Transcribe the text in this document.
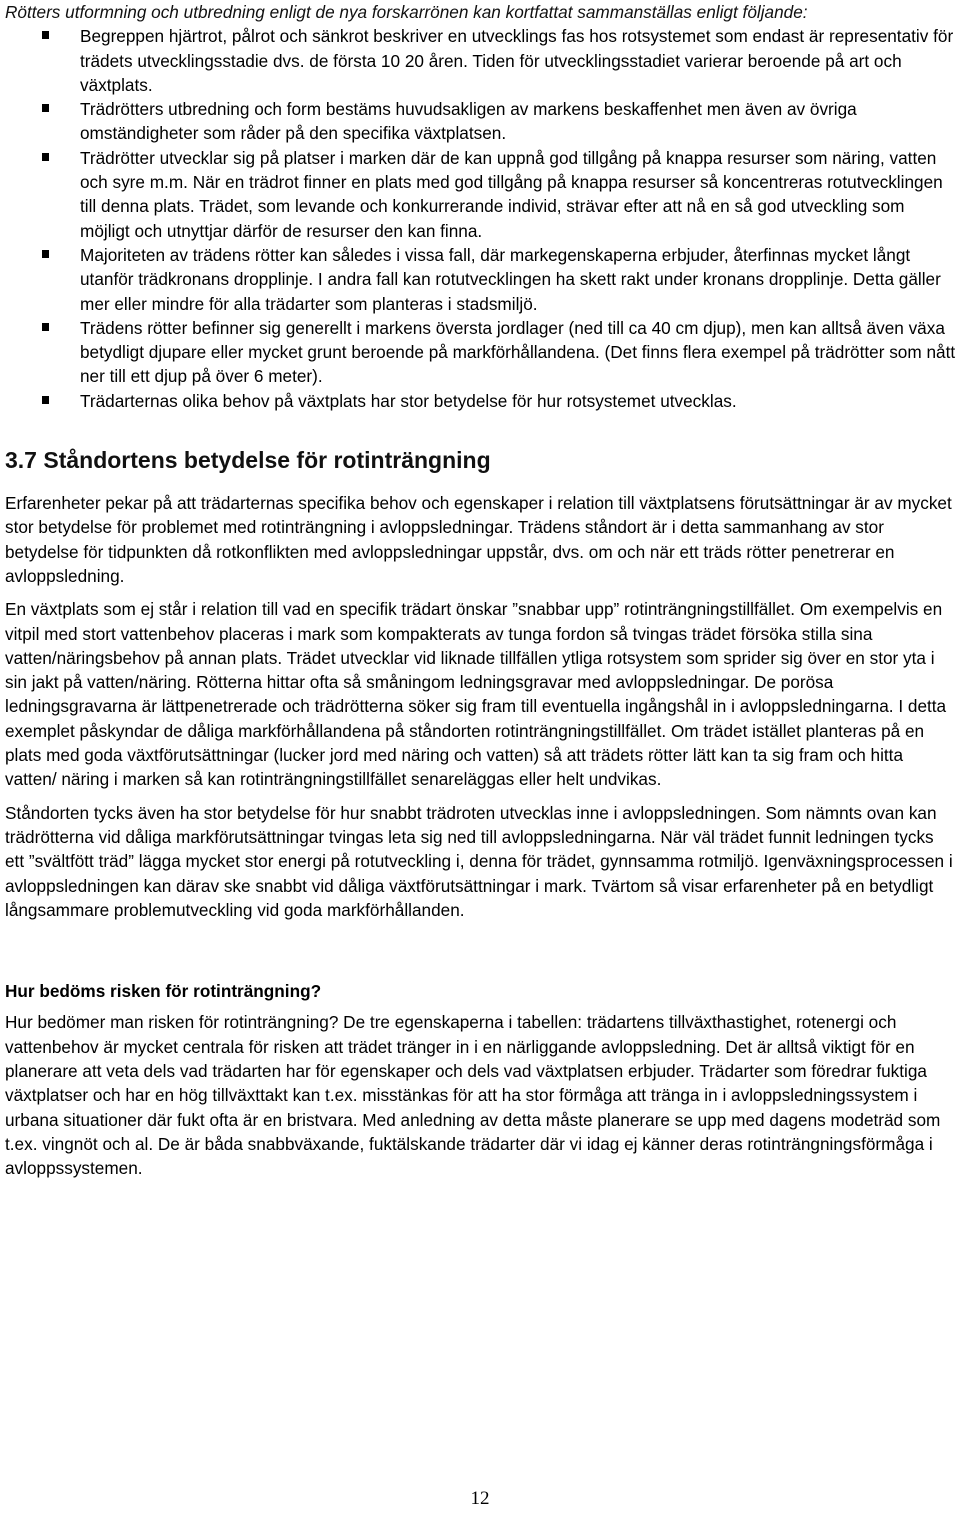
Rötters utformning och utbredning enligt de nya forskarrönen kan kortfattat sammanställas enligt följande:

Begreppen hjärtrot, pålrot och sänkrot beskriver en utvecklings fas hos rotsystemet som endast är representativ för trädets utvecklingsstadie dvs. de första 10 20 åren. Tiden för utvecklingsstadiet varierar beroende på art och växtplats.
Trädrötters utbredning och form bestäms huvudsakligen av markens beskaffenhet men även av övriga omständigheter som råder på den specifika växtplatsen.
Trädrötter utvecklar sig på platser i marken där de kan uppnå god tillgång på knappa resurser som näring, vatten och syre m.m. När en trädrot finner en plats med god tillgång på knappa resurser så koncentreras rotutvecklingen till denna plats. Trädet, som levande och konkurrerande individ, strävar efter att nå en så god utveckling som möjligt och utnyttjar därför de resurser den kan finna.
Majoriteten av trädens rötter kan således i vissa fall, där markegenskaperna erbjuder, återfinnas mycket långt utanför trädkronans dropplinje. I andra fall kan rotutvecklingen ha skett rakt under kronans dropplinje. Detta gäller mer eller mindre för alla trädarter som planteras i stadsmiljö.
Trädens rötter befinner sig generellt i markens översta jordlager (ned till ca 40 cm djup), men kan alltså även växa betydligt djupare eller mycket grunt beroende på markförhållandena. (Det finns flera exempel på trädrötter som nått ner till ett djup på över 6 meter).
Trädarternas olika behov på växtplats har stor betydelse för hur rotsystemet utvecklas.

3.7 Ståndortens betydelse för rotinträngning

Erfarenheter pekar på att trädarternas specifika behov och egenskaper i relation till växtplatsens förutsättningar är av mycket stor betydelse för problemet med rotinträngning i avloppsledningar. Trädens ståndort är i detta sammanhang av stor betydelse för tidpunkten då rotkonflikten med avloppsledningar uppstår, dvs. om och när ett träds rötter penetrerar en avloppsledning.

En växtplats som ej står i relation till vad en specifik trädart önskar ”snabbar upp” rotinträngningstillfället. Om exempelvis en vitpil med stort vattenbehov placeras i mark som kompakterats av tunga fordon så tvingas trädet försöka stilla sina vatten/näringsbehov på annan plats. Trädet utvecklar vid liknade tillfällen ytliga rotsystem som sprider sig över en stor yta i sin jakt på vatten/näring. Rötterna hittar ofta så småningom ledningsgravar med avloppsledningar. De porösa ledningsgravarna är lättpenetrerade och trädrötterna söker sig fram till eventuella ingångshål in i avloppsledningarna. I detta exemplet påskyndar de dåliga markförhållandena på ståndorten rotinträngningstillfället. Om trädet istället planteras på en plats med goda växtförutsättningar (lucker jord med näring och vatten) så att trädets rötter lätt kan ta sig fram och hitta vatten/ näring i marken så kan rotinträngningstillfället senareläggas eller helt undvikas.

Ståndorten tycks även ha stor betydelse för hur snabbt trädroten utvecklas inne i avloppsledningen. Som nämnts ovan kan trädrötterna vid dåliga markförutsättningar tvingas leta sig ned till avloppsledningarna. När väl trädet funnit ledningen tycks ett ”svältfött träd” lägga mycket stor energi på rotutveckling i, denna för trädet, gynnsamma rotmiljö. Igenväxningsprocessen i avloppsledningen kan därav ske snabbt vid dåliga växtförutsättningar i mark. Tvärtom så visar erfarenheter på en betydligt långsammare problemutveckling vid goda markförhållanden.

Hur bedöms risken för rotinträngning?

Hur bedömer man risken för rotinträngning? De tre egenskaperna i tabellen: trädartens tillväxthastighet, rotenergi och vattenbehov är mycket centrala för risken att trädet tränger in i en närliggande avloppsledning. Det är alltså viktigt för en planerare att veta dels vad trädarten har för egenskaper och dels vad växtplatsen erbjuder. Trädarter som föredrar fuktiga växtplatser och har en hög tillväxttakt kan t.ex. misstänkas för att ha stor förmåga att tränga in i avloppsledningssystem i urbana situationer där fukt ofta är en bristvara. Med anledning av detta måste planerare se upp med dagens modeträd som t.ex. vingnöt och al. De är båda snabbväxande, fuktälskande trädarter där vi idag ej känner deras rotinträngningsförmåga i avloppssystemen.

12
